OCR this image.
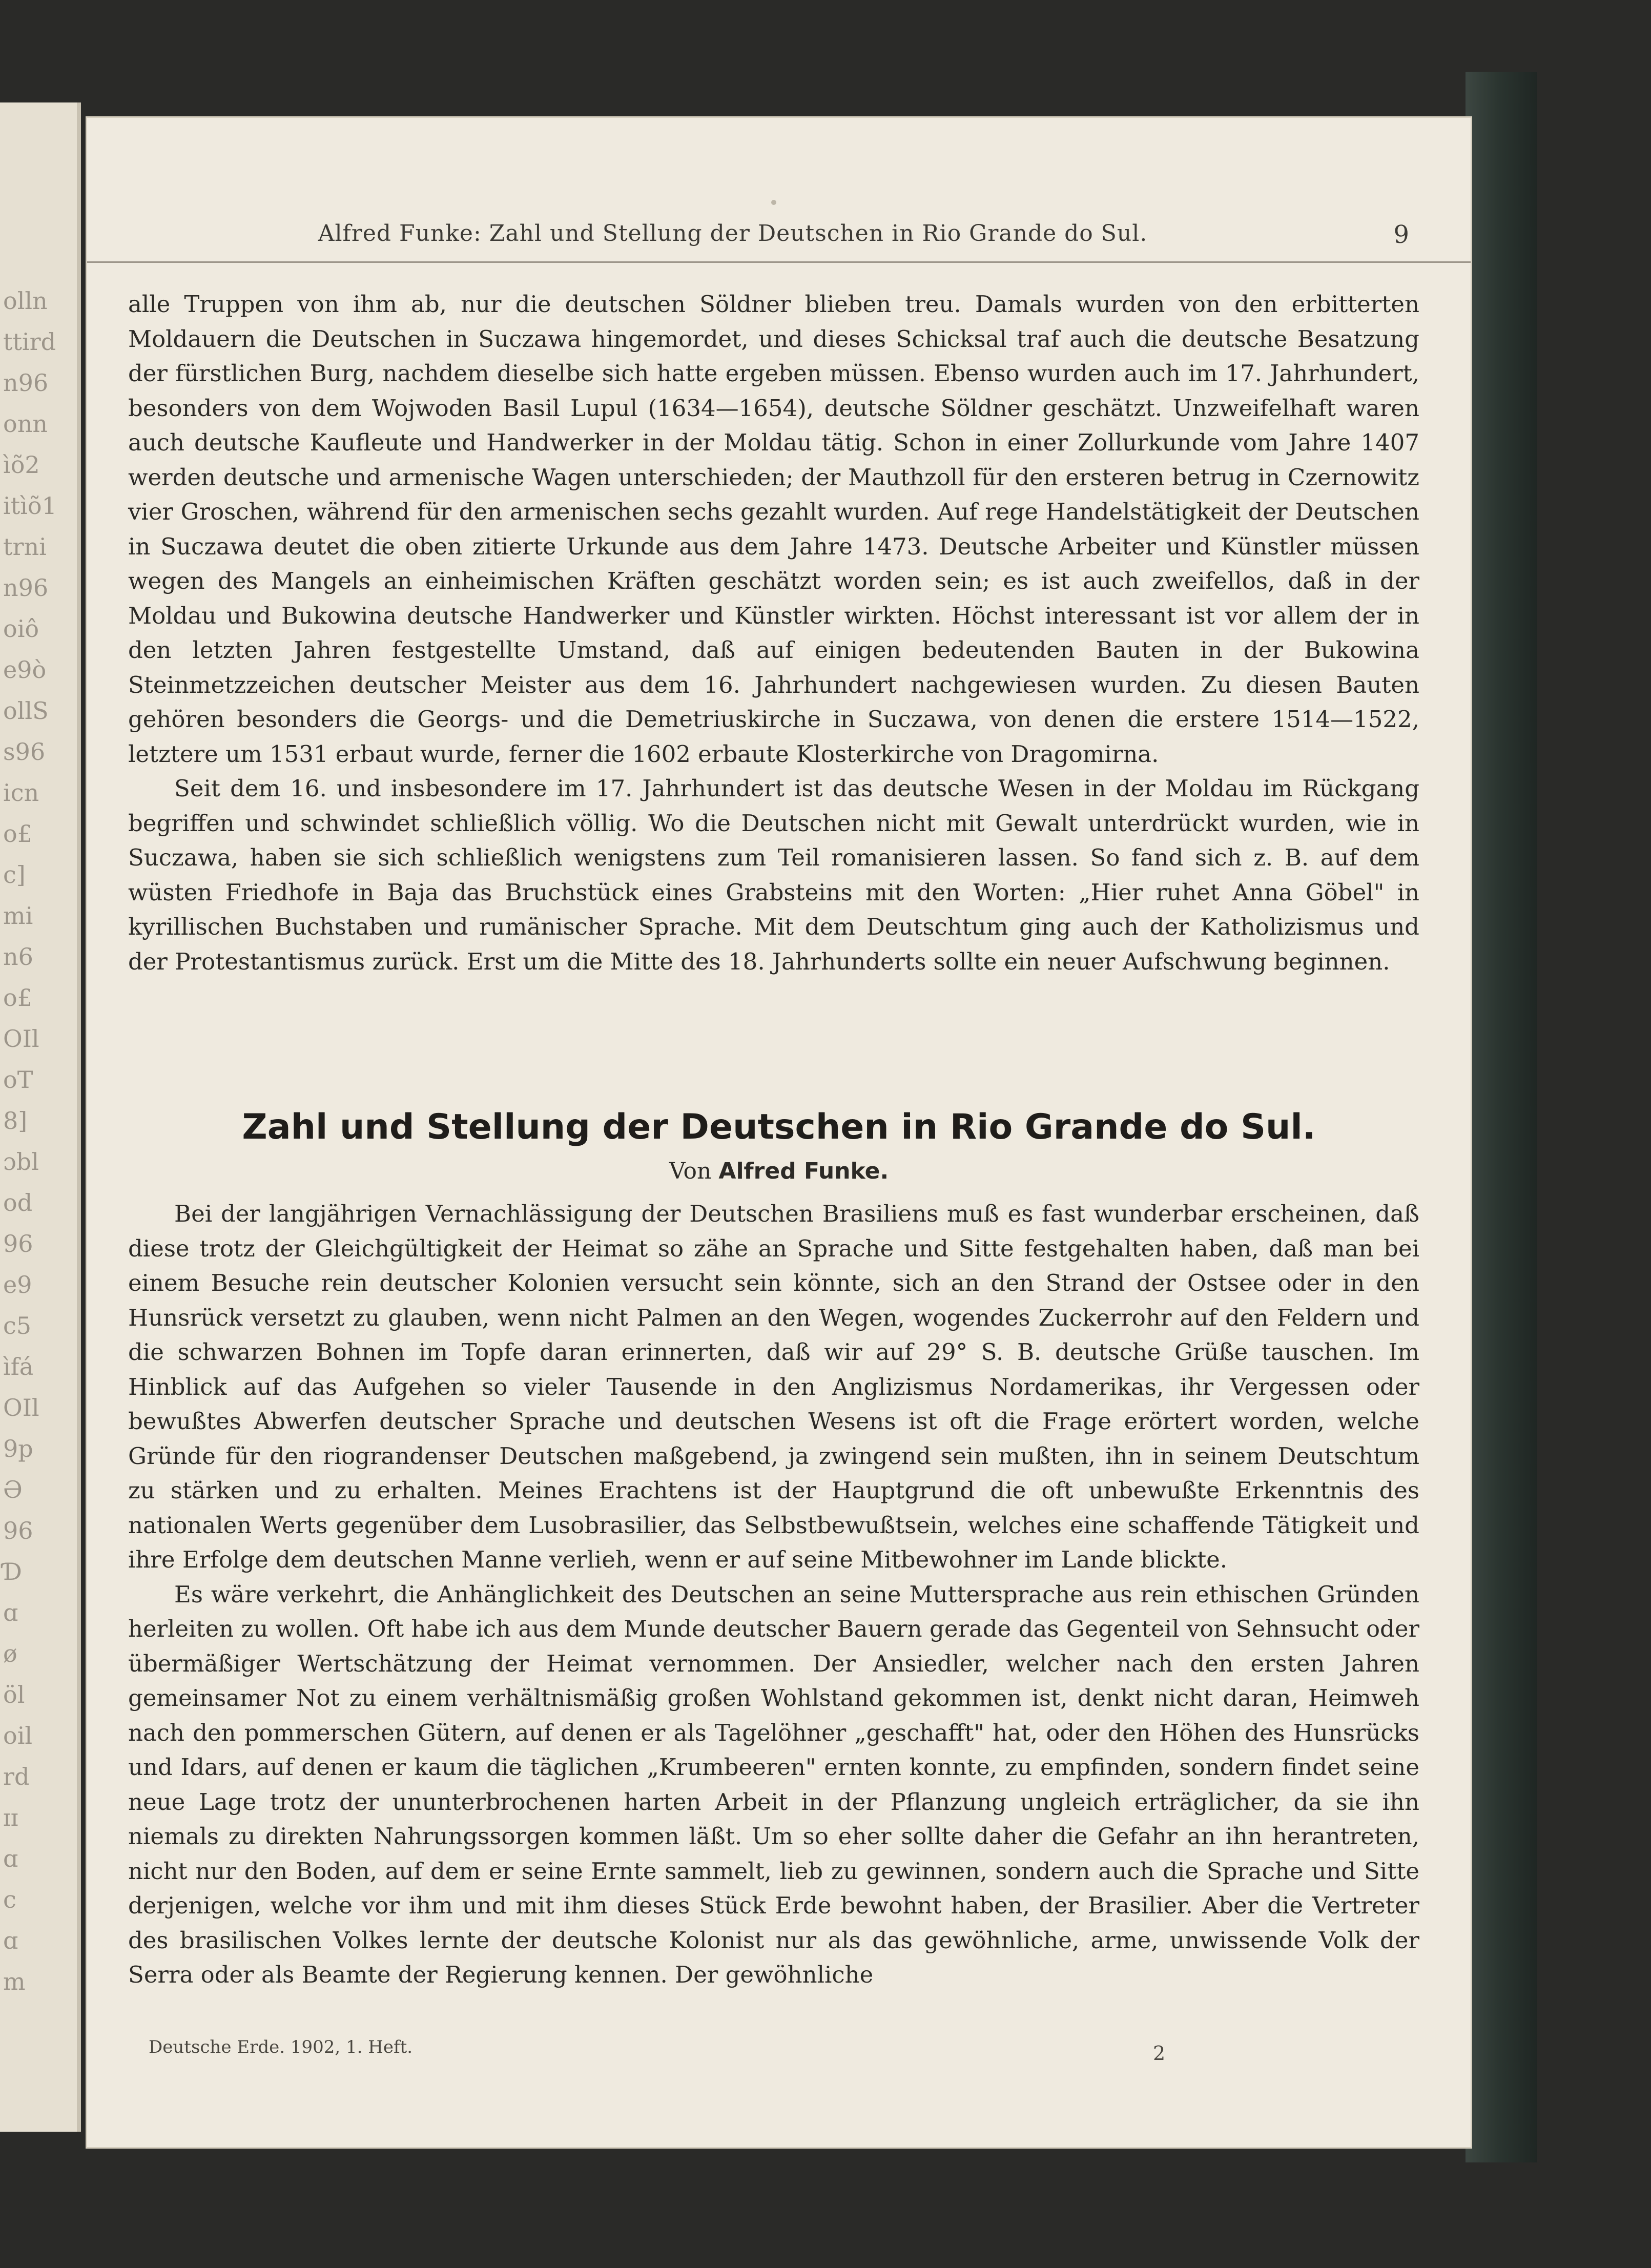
olln
ttird
n96
onn
ìõ2
itìõ1
trni
n96
oiô
e9ò
ollS
s96
icn
o£
c]
mi
n6
o£
OIl
oT
8]
ɔbl
od
96
e9
c5
ìfá
OIl
9p
Ə
96
Ɗ
ɑ
ø
öl
oil
rd
ɪɪ
ɑ
c
ɑ
m
Alfred Funke: Zahl und Stellung der Deutschen in Rio Grande do Sul.	9

alle Truppen von ihm ab, nur die deutschen Söldner blieben treu. Damals wurden von den erbitterten Moldauern die Deutschen in Suczawa hingemordet, und dieses Schicksal traf auch die deutsche Besatzung der fürstlichen Burg, nachdem dieselbe sich hatte ergeben müssen. Ebenso wurden auch im 17. Jahrhundert, besonders von dem Wojwoden Basil Lupul (1634—1654), deutsche Söldner geschätzt. Unzweifelhaft waren auch deutsche Kaufleute und Handwerker in der Moldau tätig. Schon in einer Zollurkunde vom Jahre 1407 werden deutsche und armenische Wagen unterschieden; der Mauthzoll für den ersteren betrug in Czernowitz vier Groschen, während für den armenischen sechs gezahlt wurden. Auf rege Handelstätigkeit der Deutschen in Suczawa deutet die oben zitierte Urkunde aus dem Jahre 1473. Deutsche Arbeiter und Künstler müssen wegen des Mangels an einheimischen Kräften geschätzt worden sein; es ist auch zweifellos, daß in der Moldau und Bukowina deutsche Handwerker und Künstler wirkten. Höchst interessant ist vor allem der in den letzten Jahren festgestellte Umstand, daß auf einigen bedeutenden Bauten in der Bukowina Steinmetzzeichen deutscher Meister aus dem 16. Jahrhundert nachgewiesen wurden. Zu diesen Bauten gehören besonders die Georgs- und die Demetriuskirche in Suczawa, von denen die erstere 1514—1522, letztere um 1531 erbaut wurde, ferner die 1602 erbaute Klosterkirche von Dragomirna.

Seit dem 16. und insbesondere im 17. Jahrhundert ist das deutsche Wesen in der Moldau im Rückgang begriffen und schwindet schließlich völlig. Wo die Deutschen nicht mit Gewalt unterdrückt wurden, wie in Suczawa, haben sie sich schließlich wenigstens zum Teil romanisieren lassen. So fand sich z. B. auf dem wüsten Friedhofe in Baja das Bruchstück eines Grabsteins mit den Worten: „Hier ruhet Anna Göbel" in kyrillischen Buchstaben und rumänischer Sprache. Mit dem Deutschtum ging auch der Katholizismus und der Protestantismus zurück. Erst um die Mitte des 18. Jahrhunderts sollte ein neuer Aufschwung beginnen.

Zahl und Stellung der Deutschen in Rio Grande do Sul.
Von Alfred Funke.

Bei der langjährigen Vernachlässigung der Deutschen Brasiliens muß es fast wunderbar erscheinen, daß diese trotz der Gleichgültigkeit der Heimat so zähe an Sprache und Sitte festgehalten haben, daß man bei einem Besuche rein deutscher Kolonien versucht sein könnte, sich an den Strand der Ostsee oder in den Hunsrück versetzt zu glauben, wenn nicht Palmen an den Wegen, wogendes Zuckerrohr auf den Feldern und die schwarzen Bohnen im Topfe daran erinnerten, daß wir auf 29° S. B. deutsche Grüße tauschen. Im Hinblick auf das Aufgehen so vieler Tausende in den Anglizismus Nordamerikas, ihr Vergessen oder bewußtes Abwerfen deutscher Sprache und deutschen Wesens ist oft die Frage erörtert worden, welche Gründe für den riograndenser Deutschen maßgebend, ja zwingend sein mußten, ihn in seinem Deutschtum zu stärken und zu erhalten. Meines Erachtens ist der Hauptgrund die oft unbewußte Erkenntnis des nationalen Werts gegenüber dem Lusobrasilier, das Selbstbewußtsein, welches eine schaffende Tätigkeit und ihre Erfolge dem deutschen Manne verlieh, wenn er auf seine Mitbewohner im Lande blickte.

Es wäre verkehrt, die Anhänglichkeit des Deutschen an seine Muttersprache aus rein ethischen Gründen herleiten zu wollen. Oft habe ich aus dem Munde deutscher Bauern gerade das Gegenteil von Sehnsucht oder übermäßiger Wertschätzung der Heimat vernommen. Der Ansiedler, welcher nach den ersten Jahren gemeinsamer Not zu einem verhältnismäßig großen Wohlstand gekommen ist, denkt nicht daran, Heimweh nach den pommerschen Gütern, auf denen er als Tagelöhner „geschafft" hat, oder den Höhen des Hunsrücks und Idars, auf denen er kaum die täglichen „Krumbeeren" ernten konnte, zu empfinden, sondern findet seine neue Lage trotz der ununterbrochenen harten Arbeit in der Pflanzung ungleich erträglicher, da sie ihn niemals zu direkten Nahrungssorgen kommen läßt. Um so eher sollte daher die Gefahr an ihn herantreten, nicht nur den Boden, auf dem er seine Ernte sammelt, lieb zu gewinnen, sondern auch die Sprache und Sitte derjenigen, welche vor ihm und mit ihm dieses Stück Erde bewohnt haben, der Brasilier. Aber die Vertreter des brasilischen Volkes lernte der deutsche Kolonist nur als das gewöhnliche, arme, unwissende Volk der Serra oder als Beamte der Regierung kennen. Der gewöhnliche

Deutsche Erde. 1902, 1. Heft.	2
